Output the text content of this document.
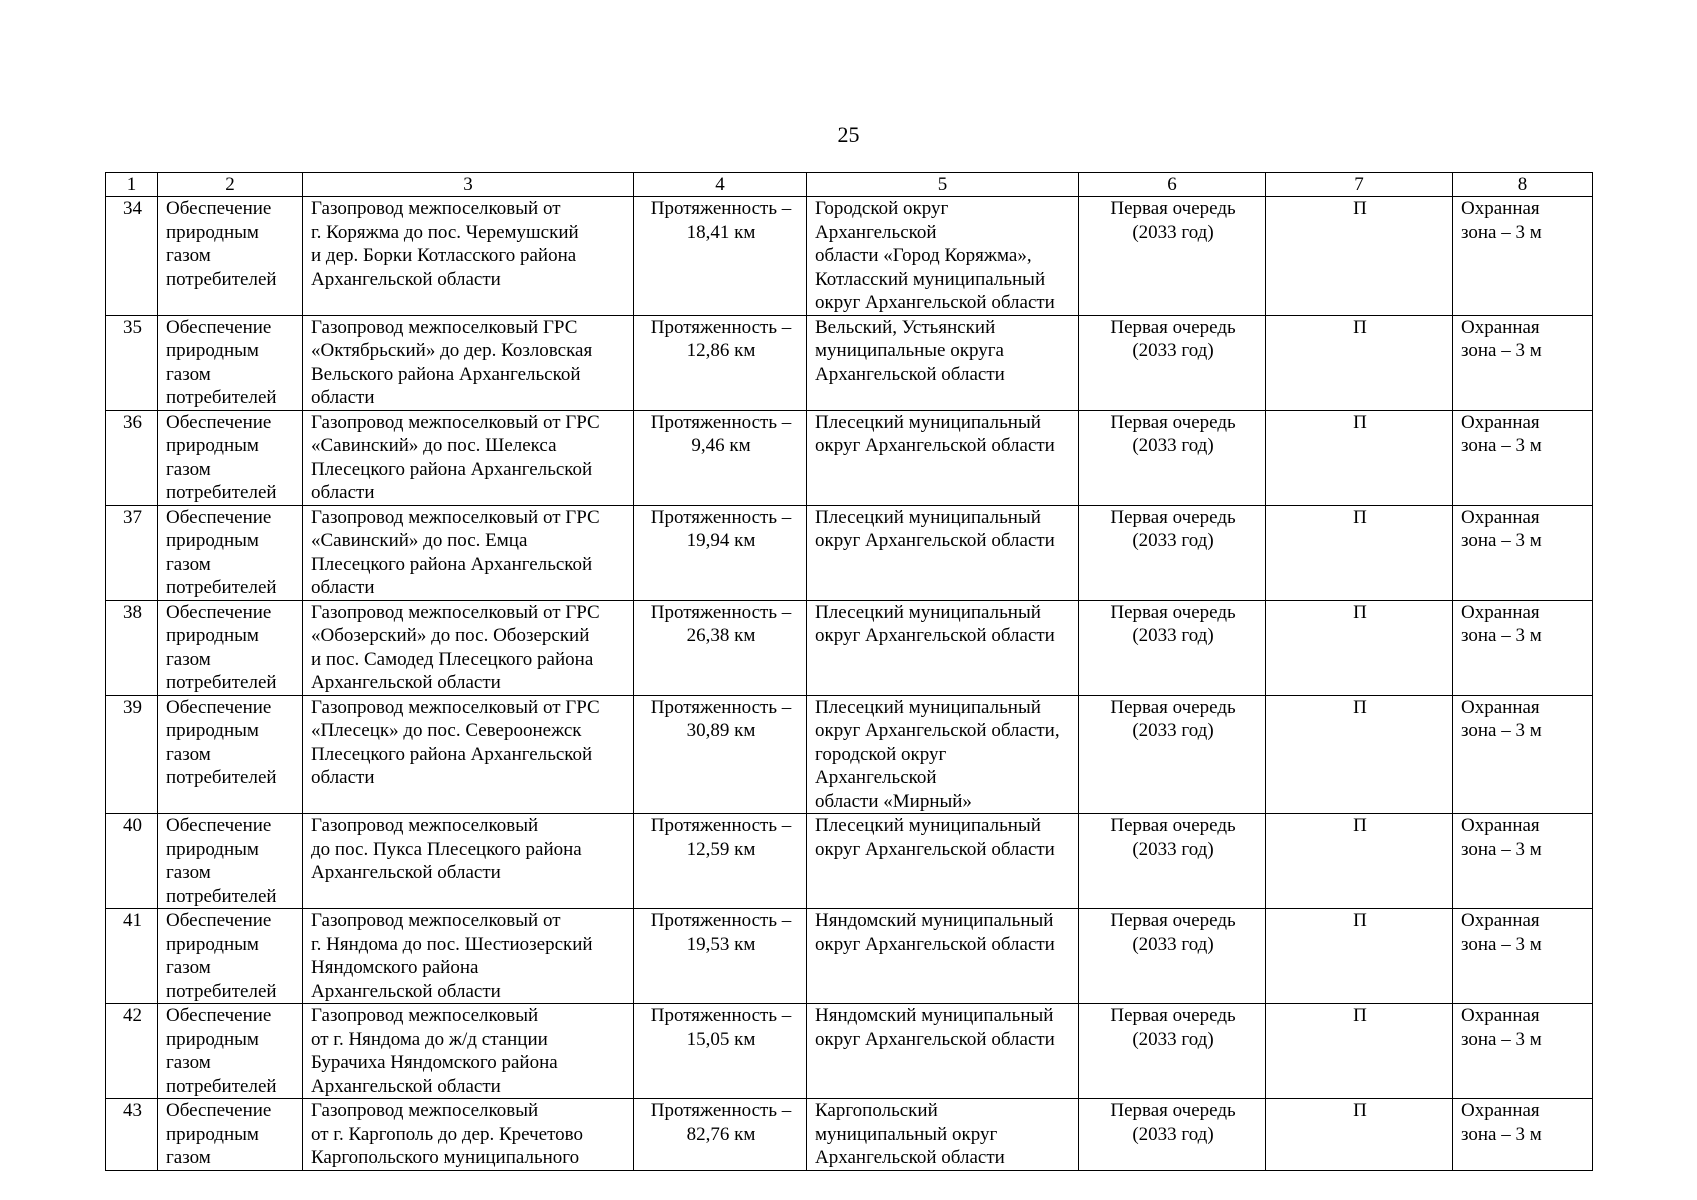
25
1	2	3	4	5	6	7	8

34	Обеспечение
природным
газом
потребителей	Газопровод межпоселковый от
г. Коряжма до пос. Черемушский
и дер. Борки Котласского района
Архангельской области	Протяженность –
18,41 км	Городской округ Архангельской
области «Город Коряжма»,
Котласский муниципальный
округ Архангельской области	Первая очередь
(2033 год)	П	Охранная
зона – 3 м

35	Обеспечение
природным
газом
потребителей	Газопровод межпоселковый ГРС
«Октябрьский» до дер. Козловская
Вельского района Архангельской
области	Протяженность –
12,86 км	Вельский, Устьянский
муниципальные округа
Архангельской области	Первая очередь
(2033 год)	П	Охранная
зона – 3 м

36	Обеспечение
природным
газом
потребителей	Газопровод межпоселковый от ГРС
«Савинский» до пос. Шелекса
Плесецкого района Архангельской
области	Протяженность –
9,46 км	Плесецкий муниципальный
округ Архангельской области	Первая очередь
(2033 год)	П	Охранная
зона – 3 м

37	Обеспечение
природным
газом
потребителей	Газопровод межпоселковый от ГРС
«Савинский» до пос. Емца
Плесецкого района Архангельской
области	Протяженность –
19,94 км	Плесецкий муниципальный
округ Архангельской области	Первая очередь
(2033 год)	П	Охранная
зона – 3 м

38	Обеспечение
природным
газом
потребителей	Газопровод межпоселковый от ГРС
«Обозерский» до пос. Обозерский
и пос. Самодед Плесецкого района
Архангельской области	Протяженность –
26,38 км	Плесецкий муниципальный
округ Архангельской области	Первая очередь
(2033 год)	П	Охранная
зона – 3 м

39	Обеспечение
природным
газом
потребителей	Газопровод межпоселковый от ГРС
«Плесецк» до пос. Североонежск
Плесецкого района Архангельской
области	Протяженность –
30,89 км	Плесецкий муниципальный
округ Архангельской области,
городской округ Архангельской
области «Мирный»	Первая очередь
(2033 год)	П	Охранная
зона – 3 м

40	Обеспечение
природным
газом
потребителей	Газопровод межпоселковый
до пос. Пукса Плесецкого района
Архангельской области	Протяженность –
12,59 км	Плесецкий муниципальный
округ Архангельской области	Первая очередь
(2033 год)	П	Охранная
зона – 3 м

41	Обеспечение
природным
газом
потребителей	Газопровод межпоселковый от
г. Няндома до пос. Шестиозерский
Няндомского района
Архангельской области	Протяженность –
19,53 км	Няндомский муниципальный
округ Архангельской области	Первая очередь
(2033 год)	П	Охранная
зона – 3 м

42	Обеспечение
природным
газом
потребителей	Газопровод межпоселковый
от г. Няндома до ж/д станции
Бурачиха Няндомского района
Архангельской области	Протяженность –
15,05 км	Няндомский муниципальный
округ Архангельской области	Первая очередь
(2033 год)	П	Охранная
зона – 3 м

43	Обеспечение
природным
газом	Газопровод межпоселковый
от г. Каргополь до дер. Кречетово
Каргопольского муниципального	Протяженность –
82,76 км	Каргопольский
муниципальный округ
Архангельской области	Первая очередь
(2033 год)	П	Охранная
зона – 3 м
